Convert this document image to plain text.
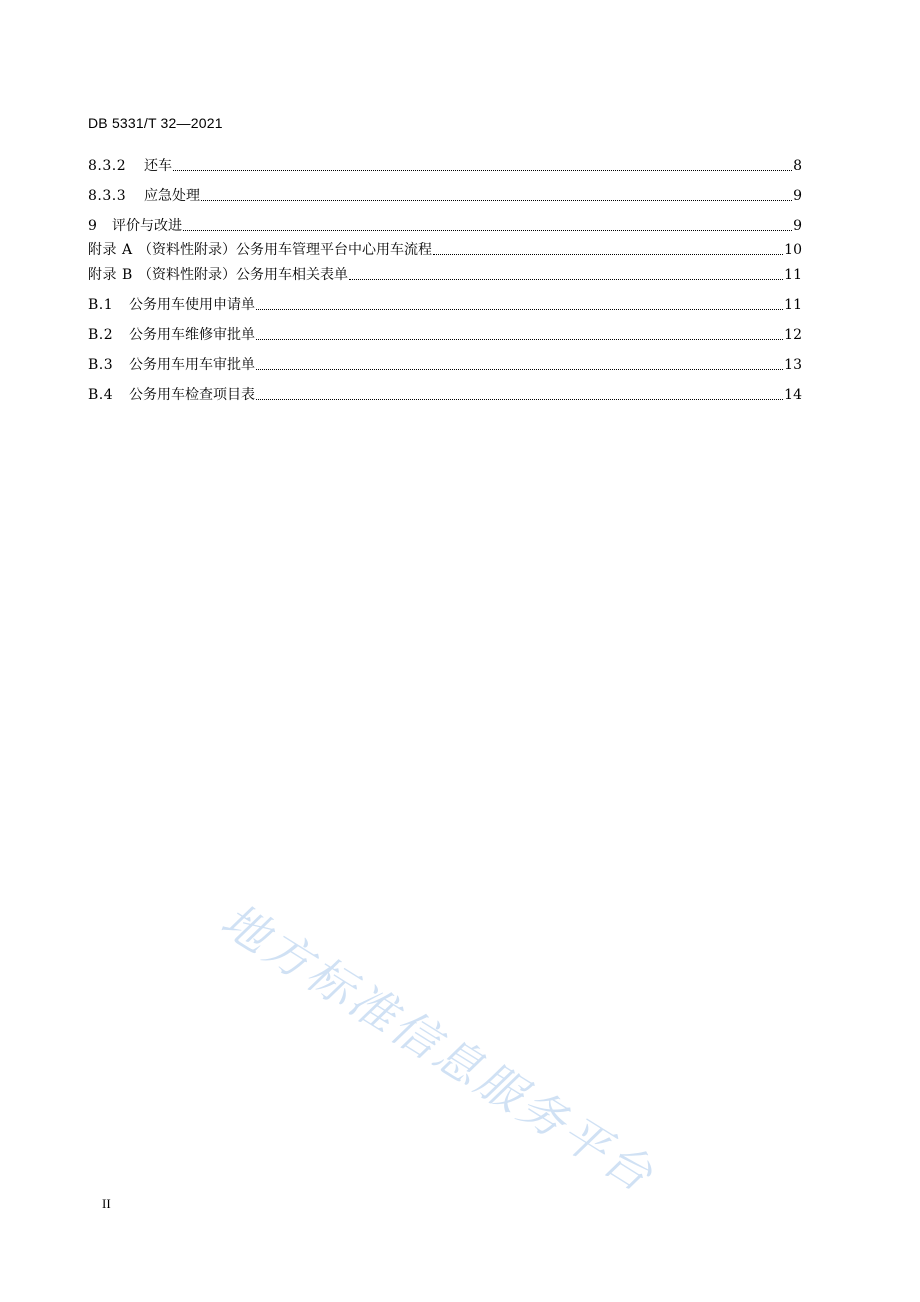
DB 5331/T 32—2021
8.3.2	还车	8
8.3.3	应急处理	9
9	评价与改进	9
附录 A （资料性附录）公务用车管理平台中心用车流程	10
附录 B （资料性附录）公务用车相关表单	11
B.1	公务用车使用申请单	11
B.2	公务用车维修审批单	12
B.3	公务用车用车审批单	13
B.4	公务用车检查项目表	14
地方标准信息服务平台
II
